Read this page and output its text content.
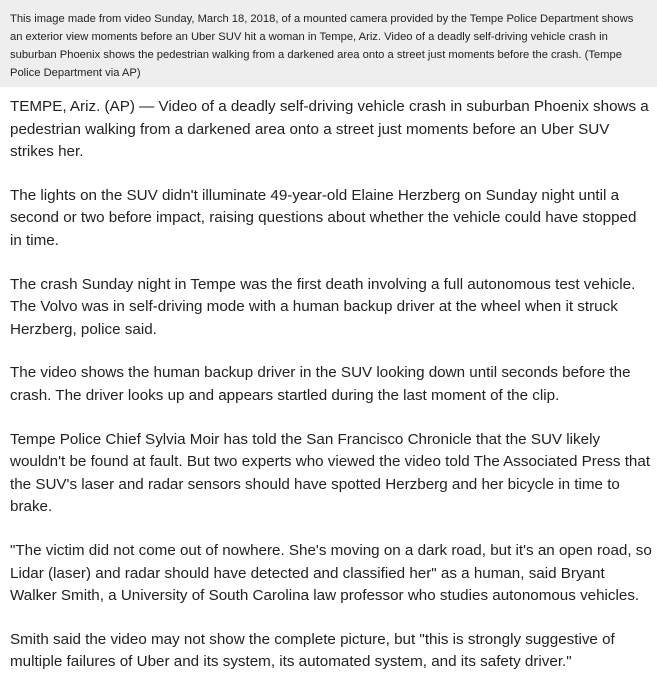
This image made from video Sunday, March 18, 2018, of a mounted camera provided by the Tempe Police Department shows an exterior view moments before an Uber SUV hit a woman in Tempe, Ariz. Video of a deadly self-driving vehicle crash in suburban Phoenix shows the pedestrian walking from a darkened area onto a street just moments before the crash. (Tempe Police Department via AP)

TEMPE, Ariz. (AP) — Video of a deadly self-driving vehicle crash in suburban Phoenix shows a pedestrian walking from a darkened area onto a street just moments before an Uber SUV strikes her.

The lights on the SUV didn't illuminate 49-year-old Elaine Herzberg on Sunday night until a second or two before impact, raising questions about whether the vehicle could have stopped in time.

The crash Sunday night in Tempe was the first death involving a full autonomous test vehicle. The Volvo was in self-driving mode with a human backup driver at the wheel when it struck Herzberg, police said.

The video shows the human backup driver in the SUV looking down until seconds before the crash. The driver looks up and appears startled during the last moment of the clip.

Tempe Police Chief Sylvia Moir has told the San Francisco Chronicle that the SUV likely wouldn't be found at fault. But two experts who viewed the video told The Associated Press that the SUV's laser and radar sensors should have spotted Herzberg and her bicycle in time to brake.

"The victim did not come out of nowhere. She's moving on a dark road, but it's an open road, so Lidar (laser) and radar should have detected and classified her" as a human, said Bryant Walker Smith, a University of South Carolina law professor who studies autonomous vehicles.

Smith said the video may not show the complete picture, but "this is strongly suggestive of multiple failures of Uber and its system, its automated system, and its safety driver."
